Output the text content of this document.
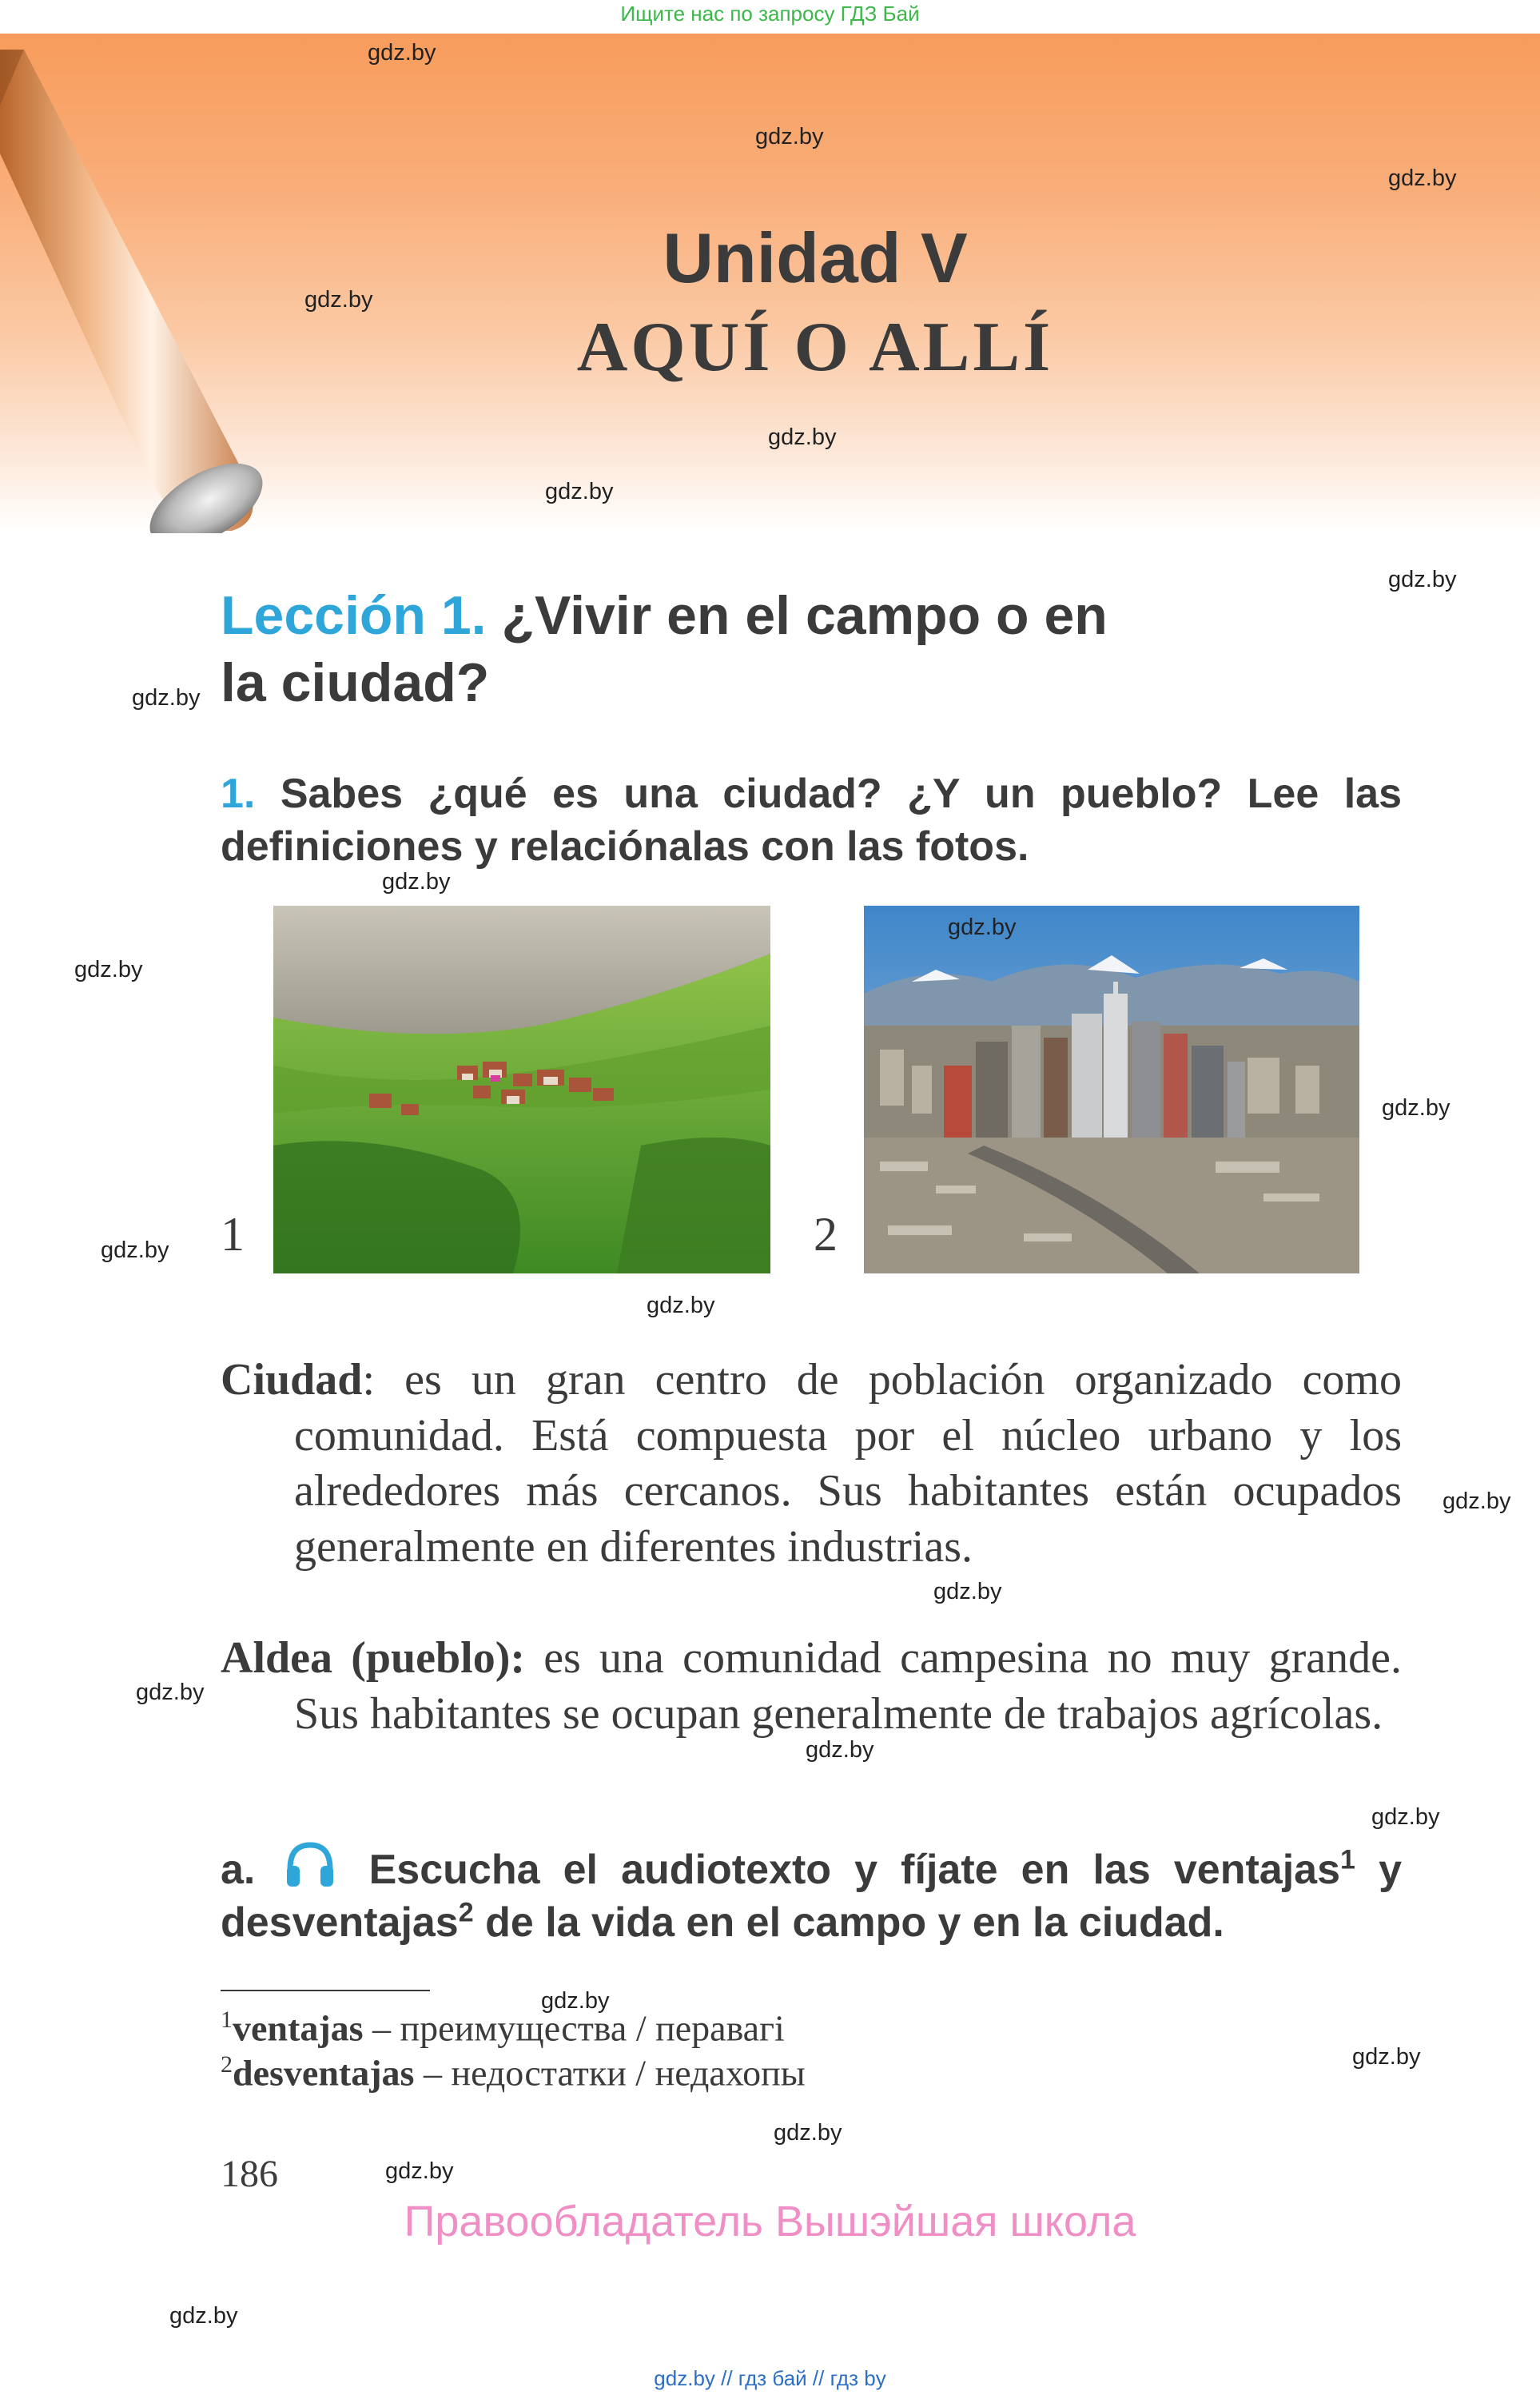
Ищите нас по запросу ГДЗ Бай
Unidad V
AQUÍ O ALLÍ
Lección 1. ¿Vivir en el campo o en
la ciudad?
1. Sabes ¿qué es una ciudad? ¿Y un pueblo? Lee las definiciones y relaciónalas con las fotos.
1	2

Ciudad: es un gran centro de población organizado como comunidad. Está compuesta por el núcleo urbano y los alrededores más cercanos. Sus habitantes están ocupados generalmente en diferentes industrias.

Aldea (pueblo): es una comunidad campesina no muy grande. Sus habitantes se ocupan generalmente de trabajos agrícolas.

a.	Escucha el audiotexto y fíjate en las ventajas$^1$ y desventajas$^2$ de la vida en el campo y en la ciudad.
$^1$ventajas – преимущества / перавагі
$^2$desventajas – недостатки / недахопы
186
Правообладатель Вышэйшая школа
gdz.by // гдз бай // гдз by
gdz.by
gdz.by
gdz.by
gdz.by
gdz.by
gdz.by
gdz.by
gdz.by
gdz.by
gdz.by
gdz.by
gdz.by
gdz.by
gdz.by
gdz.by
gdz.by
gdz.by
gdz.by
gdz.by
gdz.by
gdz.by
gdz.by
gdz.by
gdz.by
